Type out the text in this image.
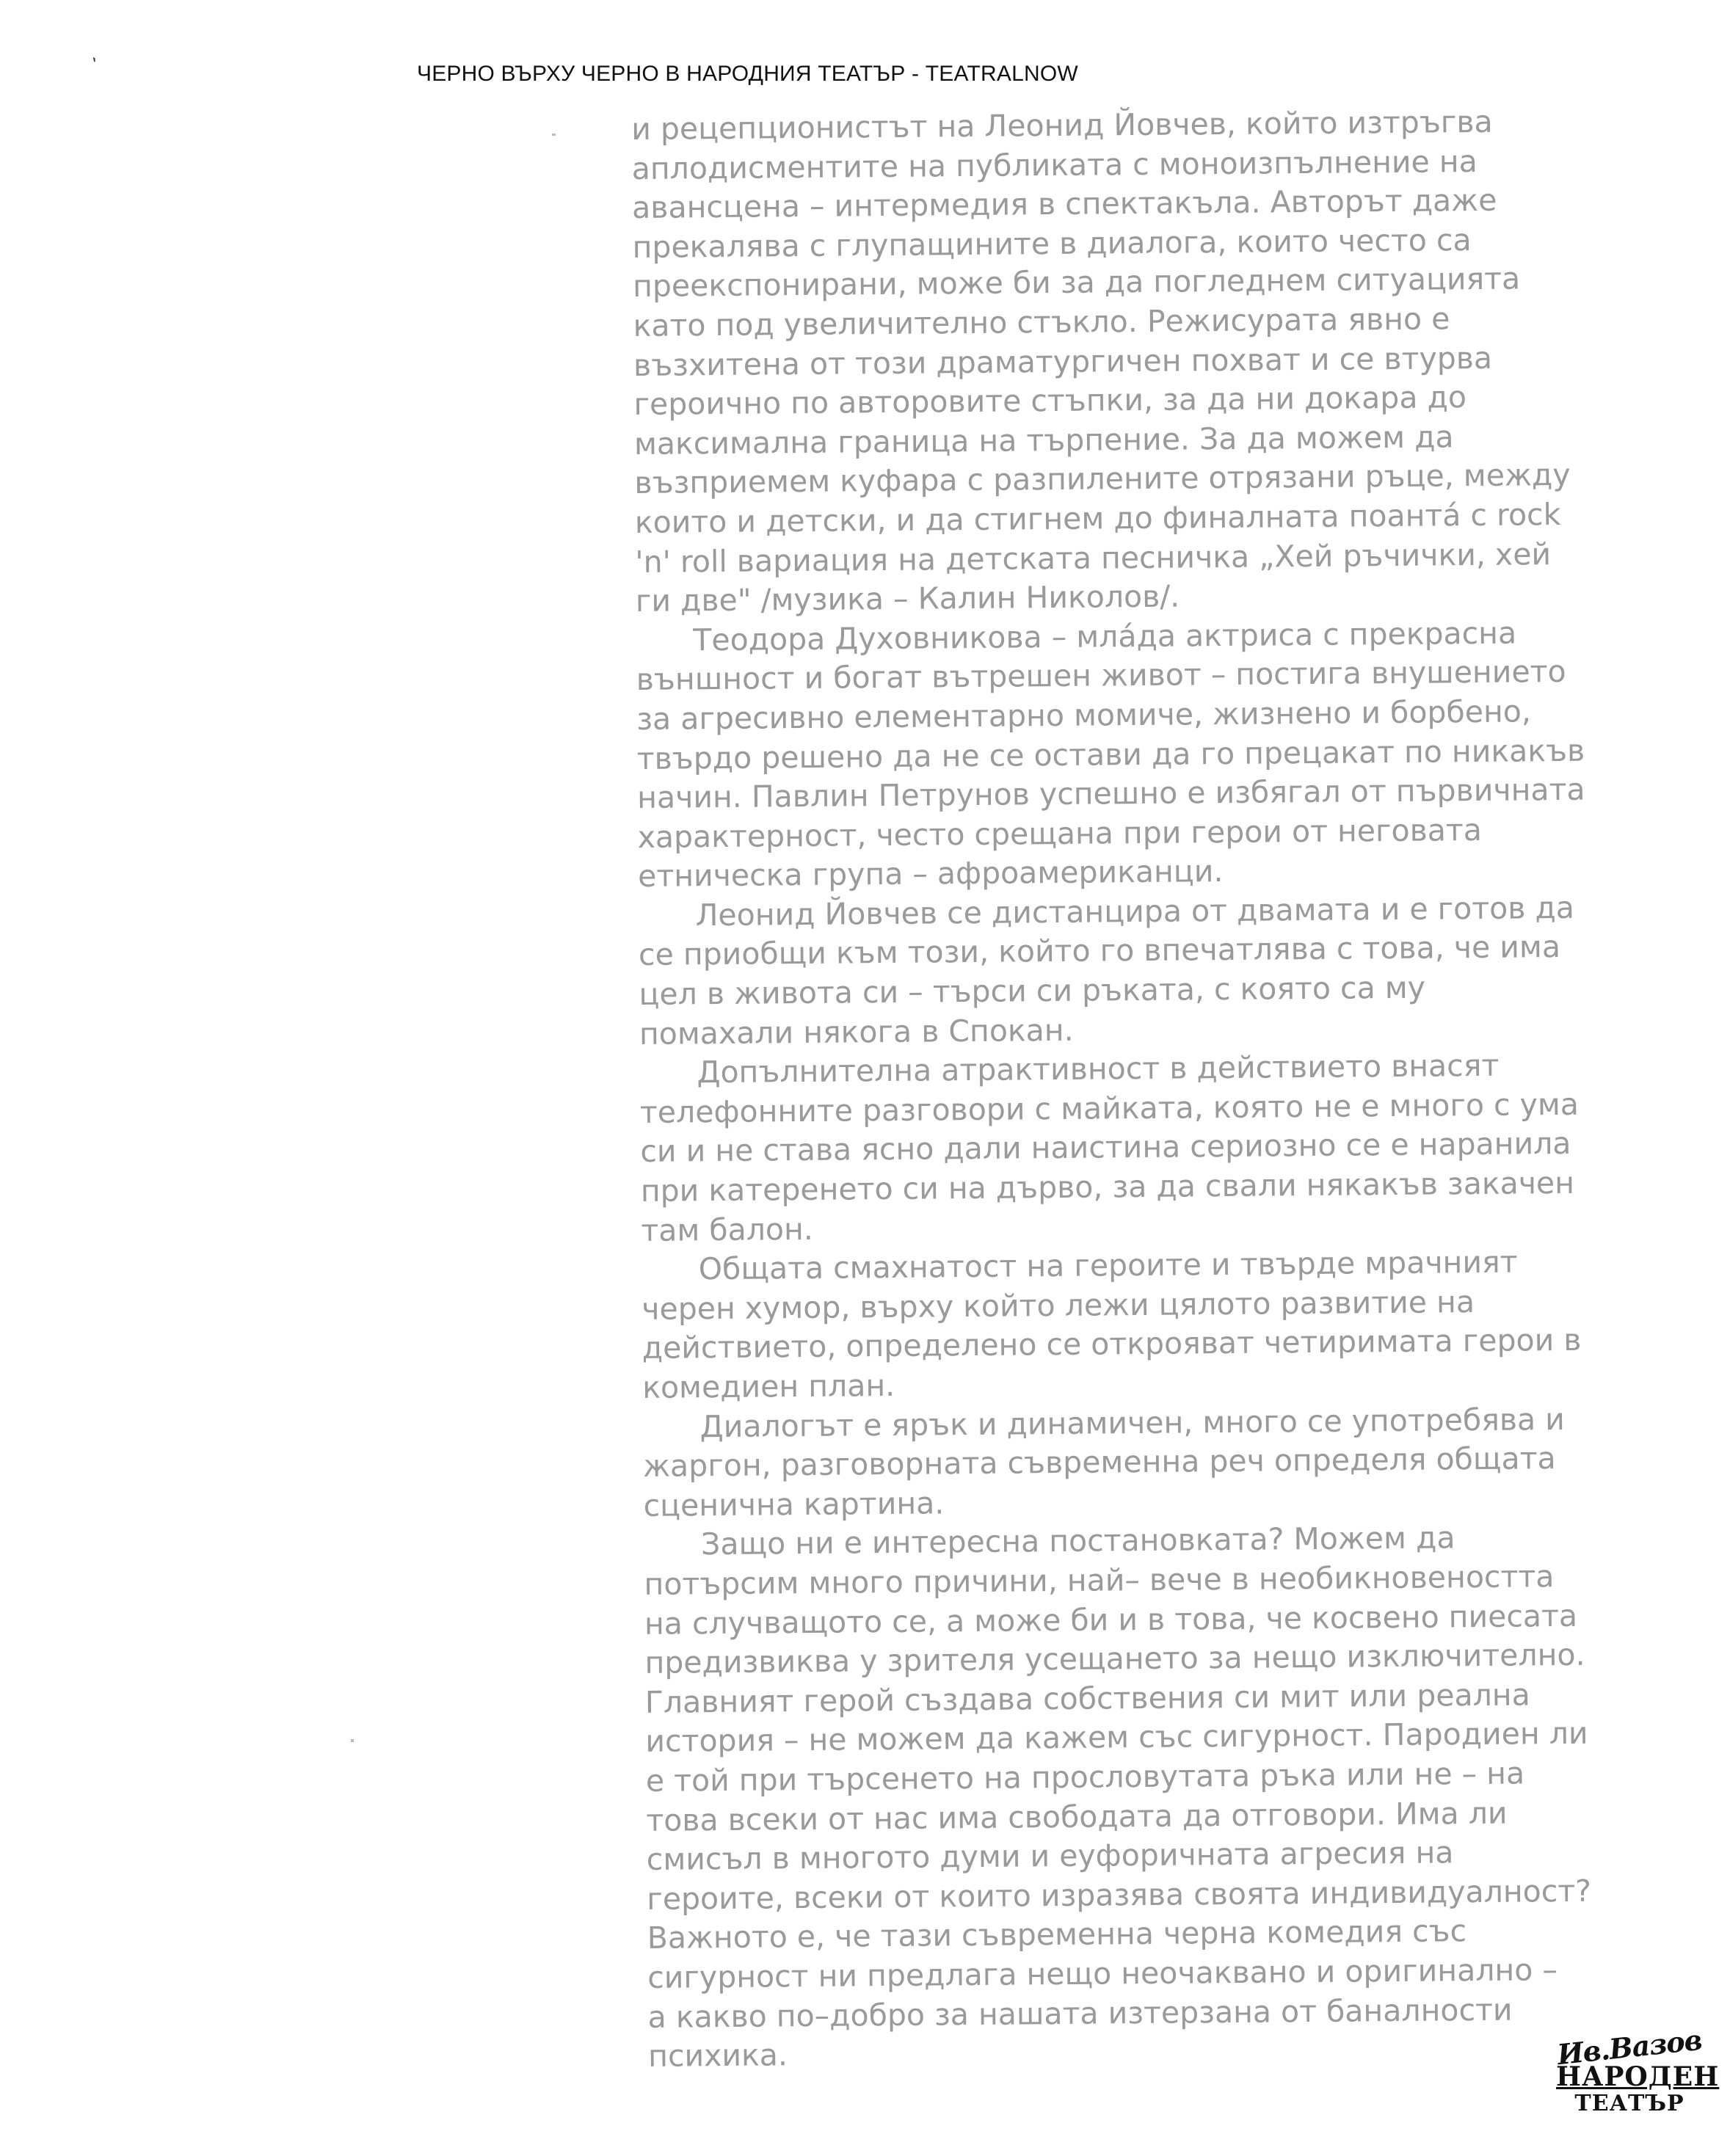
˴
ЧЕРНО ВЪРХУ ЧЕРНО В НАРОДНИЯ ТЕАТЪР - TEATRALNOW
и рецепционистът на Леонид Йовчев, който изтръгва
аплодисментите на публиката с моноизпълнение на
авансцена – интермедия в спектакъла. Авторът даже
прекалява с глупащините в диалога, които често са
преекспонирани, може би за да погледнем ситуацията
като под увеличително стъкло. Режисурата явно е
възхитена от този драматургичен похват и се втурва
героично по авторовите стъпки, за да ни докара до
максимална граница на търпение. За да можем да
възприемем куфара с разпилените отрязани ръце, между
които и детски, и да стигнем до финалната поантá с rock
'n' roll вариация на детската песничка „Хей ръчички, хей
ги две" /музика – Калин Николов/.
Теодора Духовникова – млáда актриса с прекрасна
външност и богат вътрешен живот – постига внушението
за агресивно елементарно момиче, жизнено и борбено,
твърдо решено да не се остави да го прецакат по никакъв
начин. Павлин Петрунов успешно е избягал от първичната
характерност, често срещана при герои от неговата
етническа група – афроамериканци.
Леонид Йовчев се дистанцира от двамата и е готов да
се приобщи към този, който го впечатлява с това, че има
цел в живота си – търси си ръката, с която са му
помахали някога в Спокан.
Допълнителна атрактивност в действието внасят
телефонните разговори с майката, която не е много с ума
си и не става ясно дали наистина сериозно се е наранила
при катеренето си на дърво, за да свали някакъв закачен
там балон.
Общата смахнатост на героите и твърде мрачният
черен хумор, върху който лежи цялото развитие на
действието, определено се открояват четиримата герои в
комедиен план.
Диалогът е ярък и динамичен, много се употребява и
жаргон, разговорната съвременна реч определя общата
сценична картина.
Защо ни е интересна постановката? Можем да
потърсим много причини, най– вече в необикновеността
на случващото се, а може би и в това, че косвено пиесата
предизвиква у зрителя усещането за нещо изключително.
Главният герой създава собствения си мит или реална
история – не можем да кажем със сигурност. Пародиен ли
е той при търсенето на прословутата ръка или не – на
това всеки от нас има свободата да отговори. Има ли
смисъл в многото думи и еуфоричната агресия на
героите, всеки от които изразява своята индивидуалност?
Важното е, че тази съвременна черна комедия със
сигурност ни предлага нещо неочаквано и оригинално –
а какво по–добро за нашата изтерзана от баналности
психика.	Ив.Вазов
НАРОДЕН
ТЕАТЪР
